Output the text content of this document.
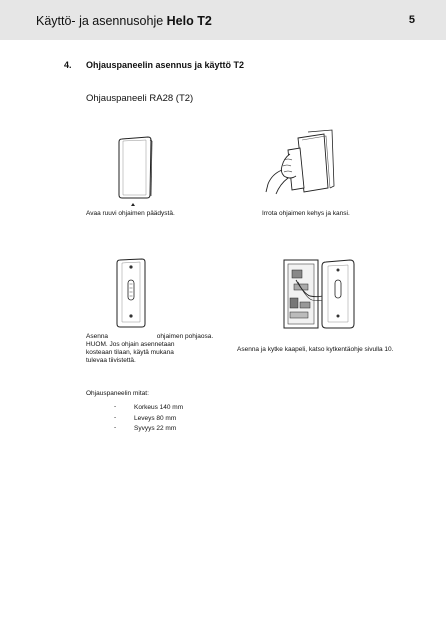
Käyttö- ja asennusohje Helo T2	5
4. Ohjauspaneelin asennus ja käyttö T2
Ohjauspaneeli RA28 (T2)
Avaa ruuvi ohjaimen päädystä.	Irrota ohjaimen kehys ja kansi.
Asenna                           ohjaimen pohjaosa.
HUOM. Jos ohjain asennetaan
kosteaan tilaan, käytä mukana
tulevaa tiivistettä.
Asenna ja kytke kaapeli, katso kytkentäohje sivulla 10.
Ohjauspaneelin mitat:
-	Korkeus 140 mm
-	Leveys 80 mm
-	Syvyys 22 mm
